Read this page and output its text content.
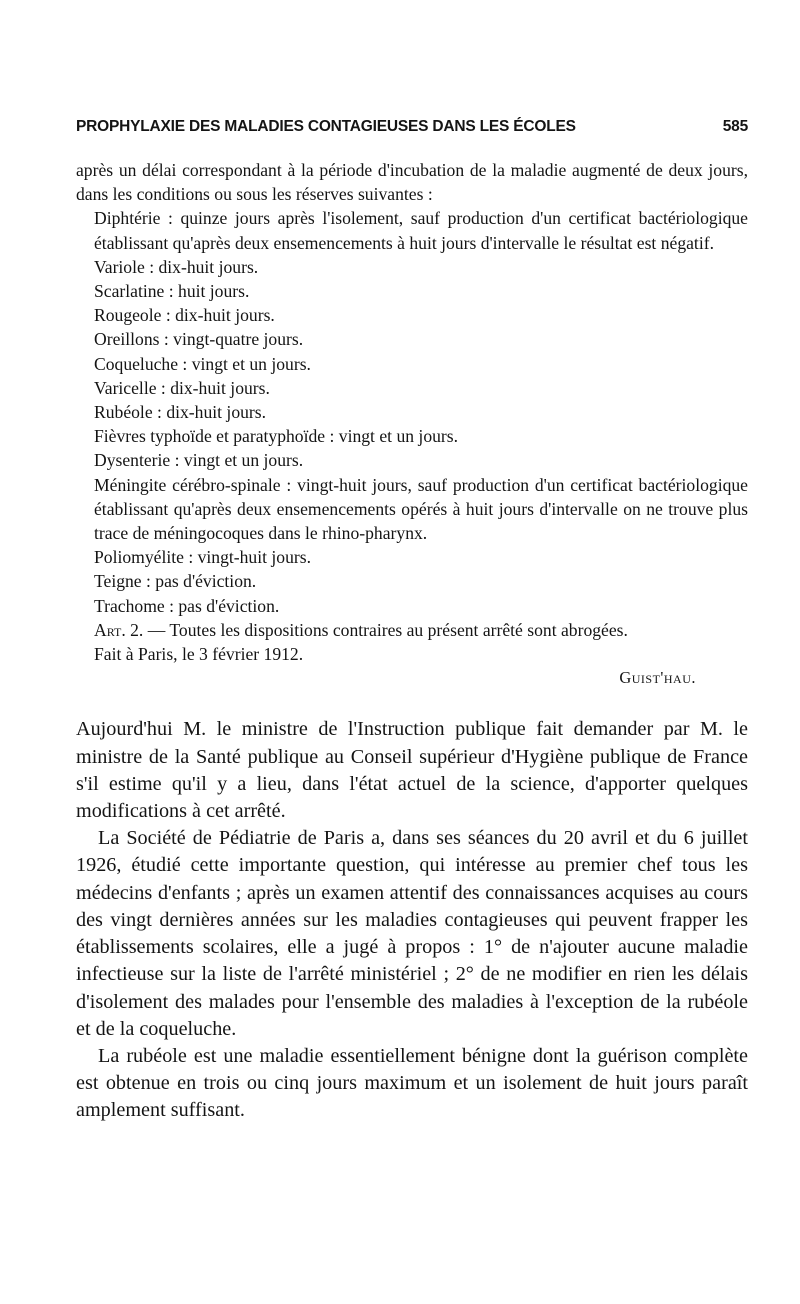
PROPHYLAXIE DES MALADIES CONTAGIEUSES DANS LES ÉCOLES	585

après un délai correspondant à la période d'incubation de la maladie augmenté de deux jours, dans les conditions ou sous les réserves suivantes :

Diphtérie : quinze jours après l'isolement, sauf production d'un certificat bactériologique établissant qu'après deux ensemencements à huit jours d'intervalle le résultat est négatif.

Variole : dix-huit jours.

Scarlatine : huit jours.

Rougeole : dix-huit jours.

Oreillons : vingt-quatre jours.

Coqueluche : vingt et un jours.

Varicelle : dix-huit jours.

Rubéole : dix-huit jours.

Fièvres typhoïde et paratyphoïde : vingt et un jours.

Dysenterie : vingt et un jours.

Méningite cérébro-spinale : vingt-huit jours, sauf production d'un certificat bactériologique établissant qu'après deux ensemencements opérés à huit jours d'intervalle on ne trouve plus trace de méningocoques dans le rhino-pharynx.

Poliomyélite : vingt-huit jours.

Teigne : pas d'éviction.

Trachome : pas d'éviction.

Art. 2. — Toutes les dispositions contraires au présent arrêté sont abrogées.

Fait à Paris, le 3 février 1912.

Guist'hau.

Aujourd'hui M. le ministre de l'Instruction publique fait demander par M. le ministre de la Santé publique au Conseil supérieur d'Hygiène publique de France s'il estime qu'il y a lieu, dans l'état actuel de la science, d'apporter quelques modifications à cet arrêté.

La Société de Pédiatrie de Paris a, dans ses séances du 20 avril et du 6 juillet 1926, étudié cette importante question, qui intéresse au premier chef tous les médecins d'enfants ; après un examen attentif des connaissances acquises au cours des vingt dernières années sur les maladies contagieuses qui peuvent frapper les établissements scolaires, elle a jugé à propos : 1° de n'ajouter aucune maladie infectieuse sur la liste de l'arrêté ministériel ; 2° de ne modifier en rien les délais d'isolement des malades pour l'ensemble des maladies à l'exception de la rubéole et de la coqueluche.

La rubéole est une maladie essentiellement bénigne dont la guérison complète est obtenue en trois ou cinq jours maximum et un isolement de huit jours paraît amplement suffisant.
